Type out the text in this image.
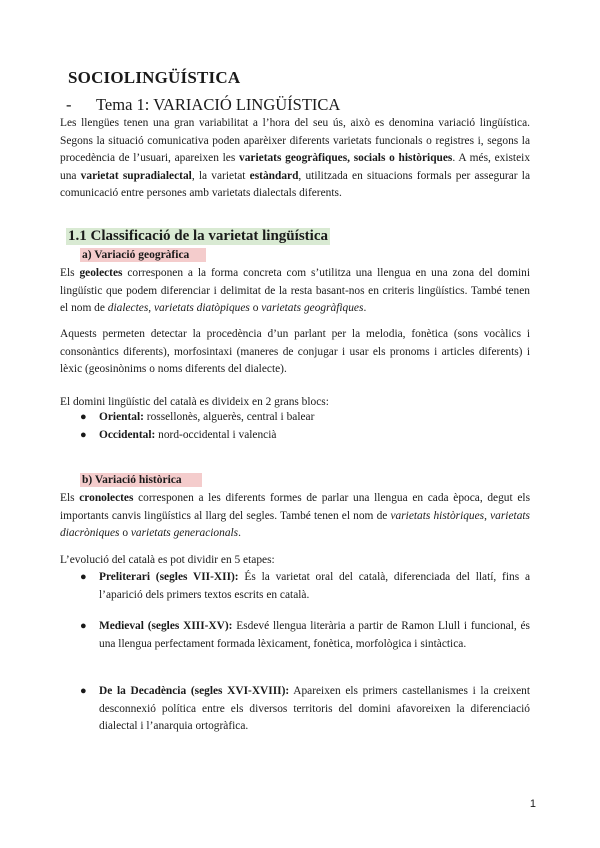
SOCIOLINGÜÍSTICA
- Tema 1: VARIACIÓ LINGÜÍSTICA
Les llengües tenen una gran variabilitat a l’hora del seu ús, això es denomina variació lingüística. Segons la situació comunicativa poden aparèixer diferents varietats funcionals o registres i, segons la procedència de l’usuari, apareixen les varietats geogràfiques, socials o històriques. A més, existeix una varietat supradialectal, la varietat estàndard, utilitzada en situacions formals per assegurar la comunicació entre persones amb varietats dialectals diferents.
1.1 Classificació de la varietat lingüística
a) Variació geogràfica
Els geolectes corresponen a la forma concreta com s’utilitza una llengua en una zona del domini lingüístic que podem diferenciar i delimitat de la resta basant-nos en criteris lingüístics. També tenen el nom de dialectes, varietats diatòpiques o varietats geogràfiques.
Aquests permeten detectar la procedència d’un parlant per la melodia, fonètica (sons vocàlics i consonàntics diferents), morfosintaxi (maneres de conjugar i usar els pronoms i articles diferents) i lèxic (geosinònims o noms diferents del dialecte).
El domini lingüístic del català es divideix en 2 grans blocs:
● Oriental: rossellonès, alguerès, central i balear
● Occidental: nord-occidental i valencià
b) Variació històrica
Els cronolectes corresponen a les diferents formes de parlar una llengua en cada època, degut els importants canvis lingüístics al llarg del segles. També tenen el nom de varietats històriques, varietats diacròniques o varietats generacionals.
L’evolució del català es pot dividir en 5 etapes:
● Preliterari (segles VII-XII): És la varietat oral del català, diferenciada del llatí, fins a l’aparició dels primers textos escrits en català.
● Medieval (segles XIII-XV): Esdevé llengua literària a partir de Ramon Llull i funcional, és una llengua perfectament formada lèxicament, fonètica, morfològica i sintàctica.
● De la Decadència (segles XVI-XVIII): Apareixen els primers castellanismes i la creixent desconnexió política entre els diversos territoris del domini afavoreixen la diferenciació dialectal i l’anarquia ortogràfica.
1
